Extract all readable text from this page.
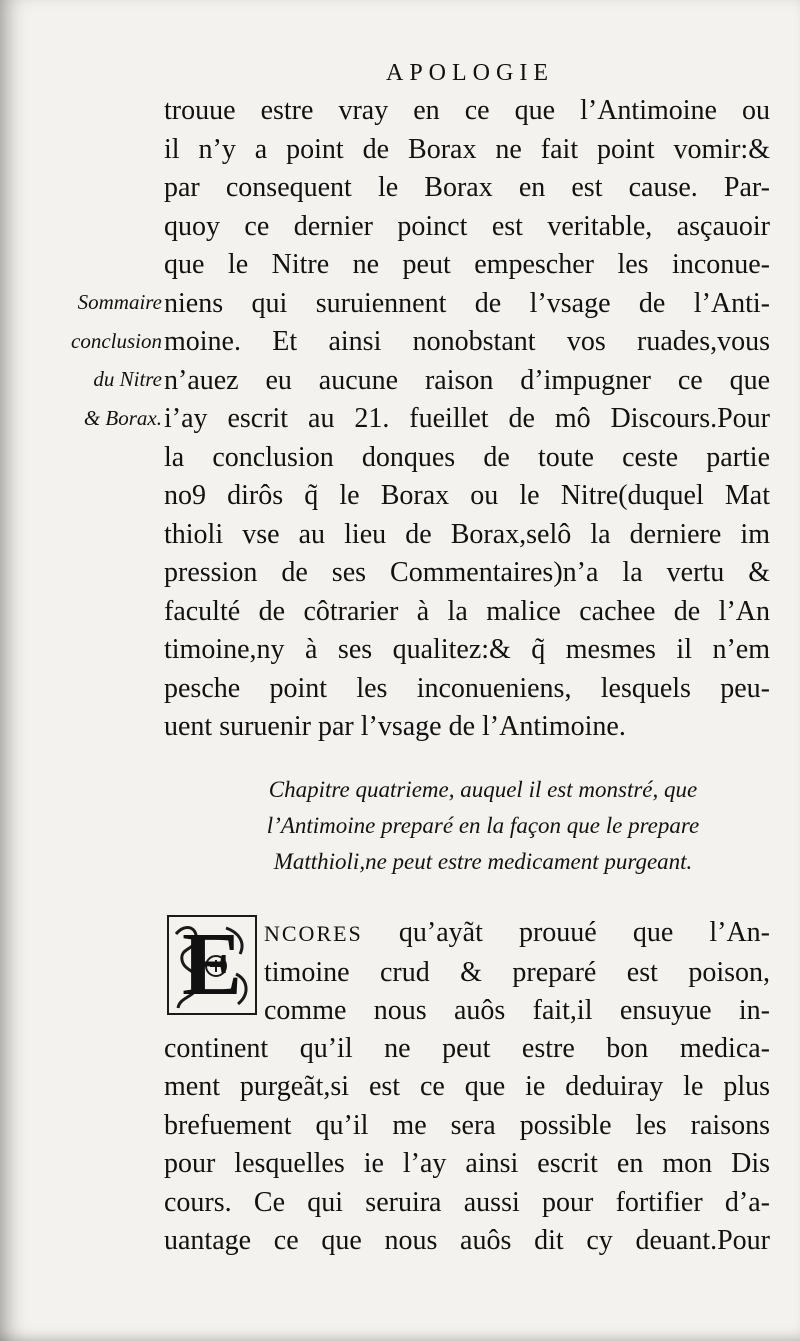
APOLOGIE
Sommaire
conclusion
du Nitre
& Borax.
trouue estre vray en ce que l’Antimoine ou
il n’y a point de Borax ne fait point vomir:&
par consequent le Borax en est cause. Par-
quoy ce dernier poinct est veritable, asçauoir
que le Nitre ne peut empescher les inconue-
niens qui suruiennent de l’vsage de l’Anti-
moine. Et ainsi nonobstant vos ruades,vous
n’auez eu aucune raison d’impugner ce que
i’ay escrit au 21. fueillet de mô Discours.Pour
la conclusion donques de toute ceste partie
no9 dirôs q̃ le Borax ou le Nitre(duquel Mat
thioli vse au lieu de Borax,selô la derniere im
pression de ses Commentaires)n’a la vertu &
faculté de côtrarier à la malice cachee de l’An
timoine,ny à ses qualitez:& q̃ mesmes il n’em
pesche point les inconueniens, lesquels peu-
uent suruenir par l’vsage de l’Antimoine.
Chapitre quatrieme, auquel il est monstré, que
l’Antimoine preparé en la façon que le prepare
Matthioli,ne peut estre medicament purgeant.
E NCORES qu’ayãt prouué que l’An-
timoine crud & preparé est poison,
comme nous auôs fait,il ensuyue in-
continent qu’il ne peut estre bon medica-
ment purgeãt,si est ce que ie deduiray le plus
brefuement qu’il me sera possible les raisons
pour lesquelles ie l’ay ainsi escrit en mon Dis
cours. Ce qui seruira aussi pour fortifier d’a-
uantage ce que nous auôs dit cy deuant.Pour
